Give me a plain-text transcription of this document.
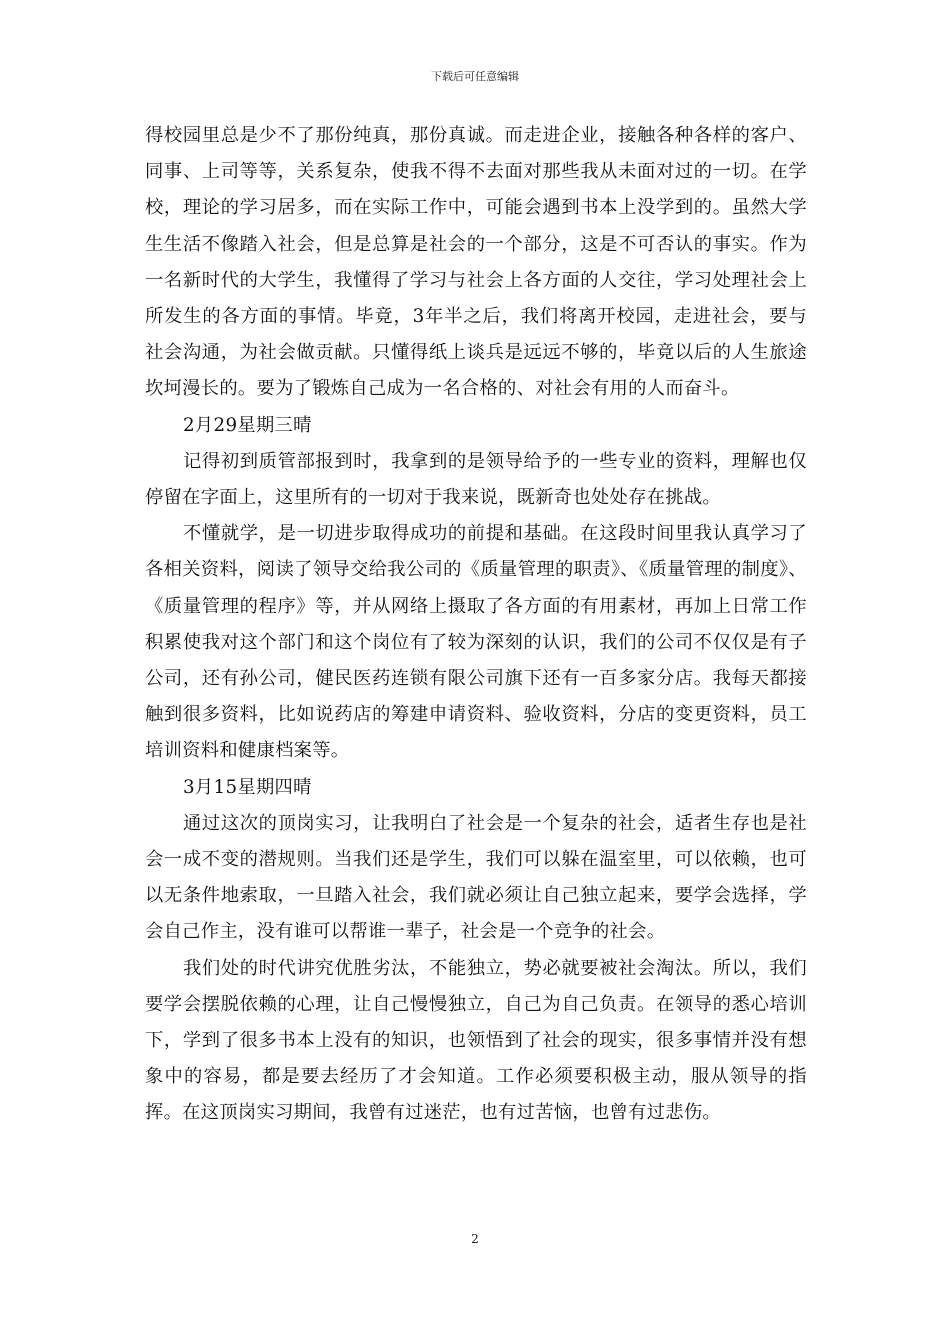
下载后可任意编辑

得校园里总是少不了那份纯真，那份真诚。而走进企业，接触各种各样的客户、同事、上司等等，关系复杂，使我不得不去面对那些我从未面对过的一切。在学校，理论的学习居多，而在实际工作中，可能会遇到书本上没学到的。虽然大学生生活不像踏入社会，但是总算是社会的一个部分，这是不可否认的事实。作为一名新时代的大学生，我懂得了学习与社会上各方面的人交往，学习处理社会上所发生的各方面的事情。毕竟，3年半之后，我们将离开校园，走进社会，要与社会沟通，为社会做贡献。只懂得纸上谈兵是远远不够的，毕竟以后的人生旅途坎坷漫长的。要为了锻炼自己成为一名合格的、对社会有用的人而奋斗。

2月29星期三晴

记得初到质管部报到时，我拿到的是领导给予的一些专业的资料，理解也仅停留在字面上，这里所有的一切对于我来说，既新奇也处处存在挑战。

不懂就学，是一切进步取得成功的前提和基础。在这段时间里我认真学习了各相关资料，阅读了领导交给我公司的《质量管理的职责》、《质量管理的制度》、《质量管理的程序》等，并从网络上摄取了各方面的有用素材，再加上日常工作积累使我对这个部门和这个岗位有了较为深刻的认识，我们的公司不仅仅是有子公司，还有孙公司，健民医药连锁有限公司旗下还有一百多家分店。我每天都接触到很多资料，比如说药店的筹建申请资料、验收资料，分店的变更资料，员工培训资料和健康档案等。

3月15星期四晴

通过这次的顶岗实习，让我明白了社会是一个复杂的社会，适者生存也是社会一成不变的潜规则。当我们还是学生，我们可以躲在温室里，可以依赖，也可以无条件地索取，一旦踏入社会，我们就必须让自己独立起来，要学会选择，学会自己作主，没有谁可以帮谁一辈子，社会是一个竞争的社会。

我们处的时代讲究优胜劣汰，不能独立，势必就要被社会淘汰。所以，我们要学会摆脱依赖的心理，让自己慢慢独立，自己为自己负责。在领导的悉心培训下，学到了很多书本上没有的知识，也领悟到了社会的现实，很多事情并没有想象中的容易，都是要去经历了才会知道。工作必须要积极主动，服从领导的指挥。在这顶岗实习期间，我曾有过迷茫，也有过苦恼，也曾有过悲伤。

2
